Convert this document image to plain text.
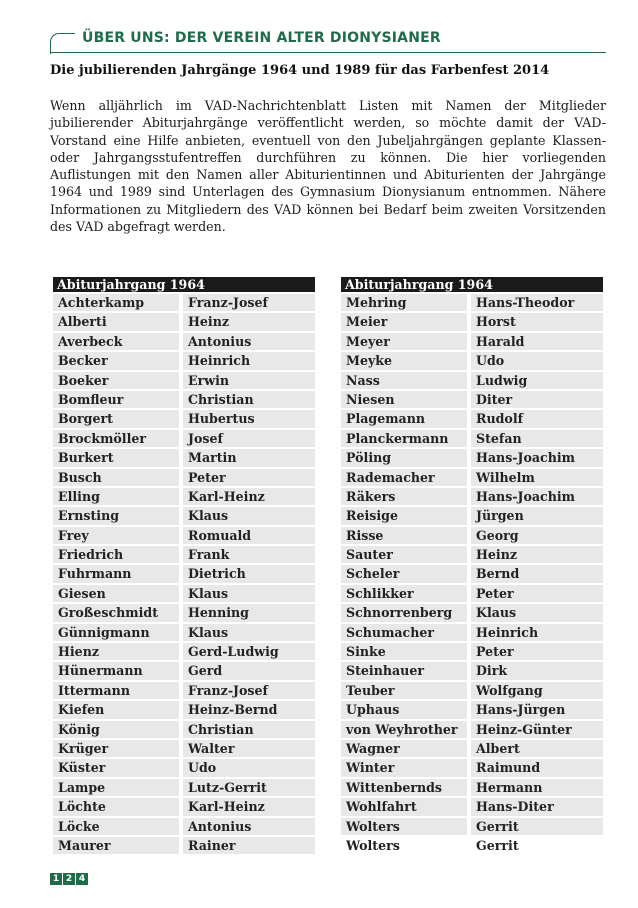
ÜBER UNS: DER VEREIN ALTER DIONYSIANER
Die jubilierenden Jahrgänge 1964 und 1989 für das Farbenfest 2014
Wenn alljährlich im VAD-Nachrichtenblatt Listen mit Namen der Mitglieder jubilierender Abiturjahrgänge veröffentlicht werden, so möchte damit der VAD-Vorstand eine Hilfe anbieten, eventuell von den Jubeljahrgängen geplante Klassen- oder Jahrgangsstufentreffen durchführen zu können. Die hier vorliegenden Auflistungen mit den Namen aller Abiturientinnen und Abiturienten der Jahrgänge 1964 und 1989 sind Unterlagen des Gymnasium Dionysianum entnommen. Nähere Informationen zu Mitgliedern des VAD können bei Bedarf beim zweiten Vorsitzenden des VAD abgefragt werden.
Abiturjahrgang 1964
Achterkamp	Franz-Josef
Alberti	Heinz
Averbeck	Antonius
Becker	Heinrich
Boeker	Erwin
Bomfleur	Christian
Borgert	Hubertus
Brockmöller	Josef
Burkert	Martin
Busch	Peter
Elling	Karl-Heinz
Ernsting	Klaus
Frey	Romuald
Friedrich	Frank
Fuhrmann	Dietrich
Giesen	Klaus
Großeschmidt	Henning
Günnigmann	Klaus
Hienz	Gerd-Ludwig
Hünermann	Gerd
Ittermann	Franz-Josef
Kiefen	Heinz-Bernd
König	Christian
Krüger	Walter
Küster	Udo
Lampe	Lutz-Gerrit
Löchte	Karl-Heinz
Löcke	Antonius
Maurer	Rainer
Abiturjahrgang 1964
Mehring	Hans-Theodor
Meier	Horst
Meyer	Harald
Meyke	Udo
Nass	Ludwig
Niesen	Diter
Plagemann	Rudolf
Planckermann	Stefan
Pöling	Hans-Joachim
Rademacher	Wilhelm
Räkers	Hans-Joachim
Reisige	Jürgen
Risse	Georg
Sauter	Heinz
Scheler	Bernd
Schlikker	Peter
Schnorrenberg	Klaus
Schumacher	Heinrich
Sinke	Peter
Steinhauer	Dirk
Teuber	Wolfgang
Uphaus	Hans-Jürgen
von Weyhrother	Heinz-Günter
Wagner	Albert
Winter	Raimund
Wittenbernds	Hermann
Wohlfahrt	Hans-Diter
Wolters	Gerrit
Wolters	Gerrit
1 2 4
